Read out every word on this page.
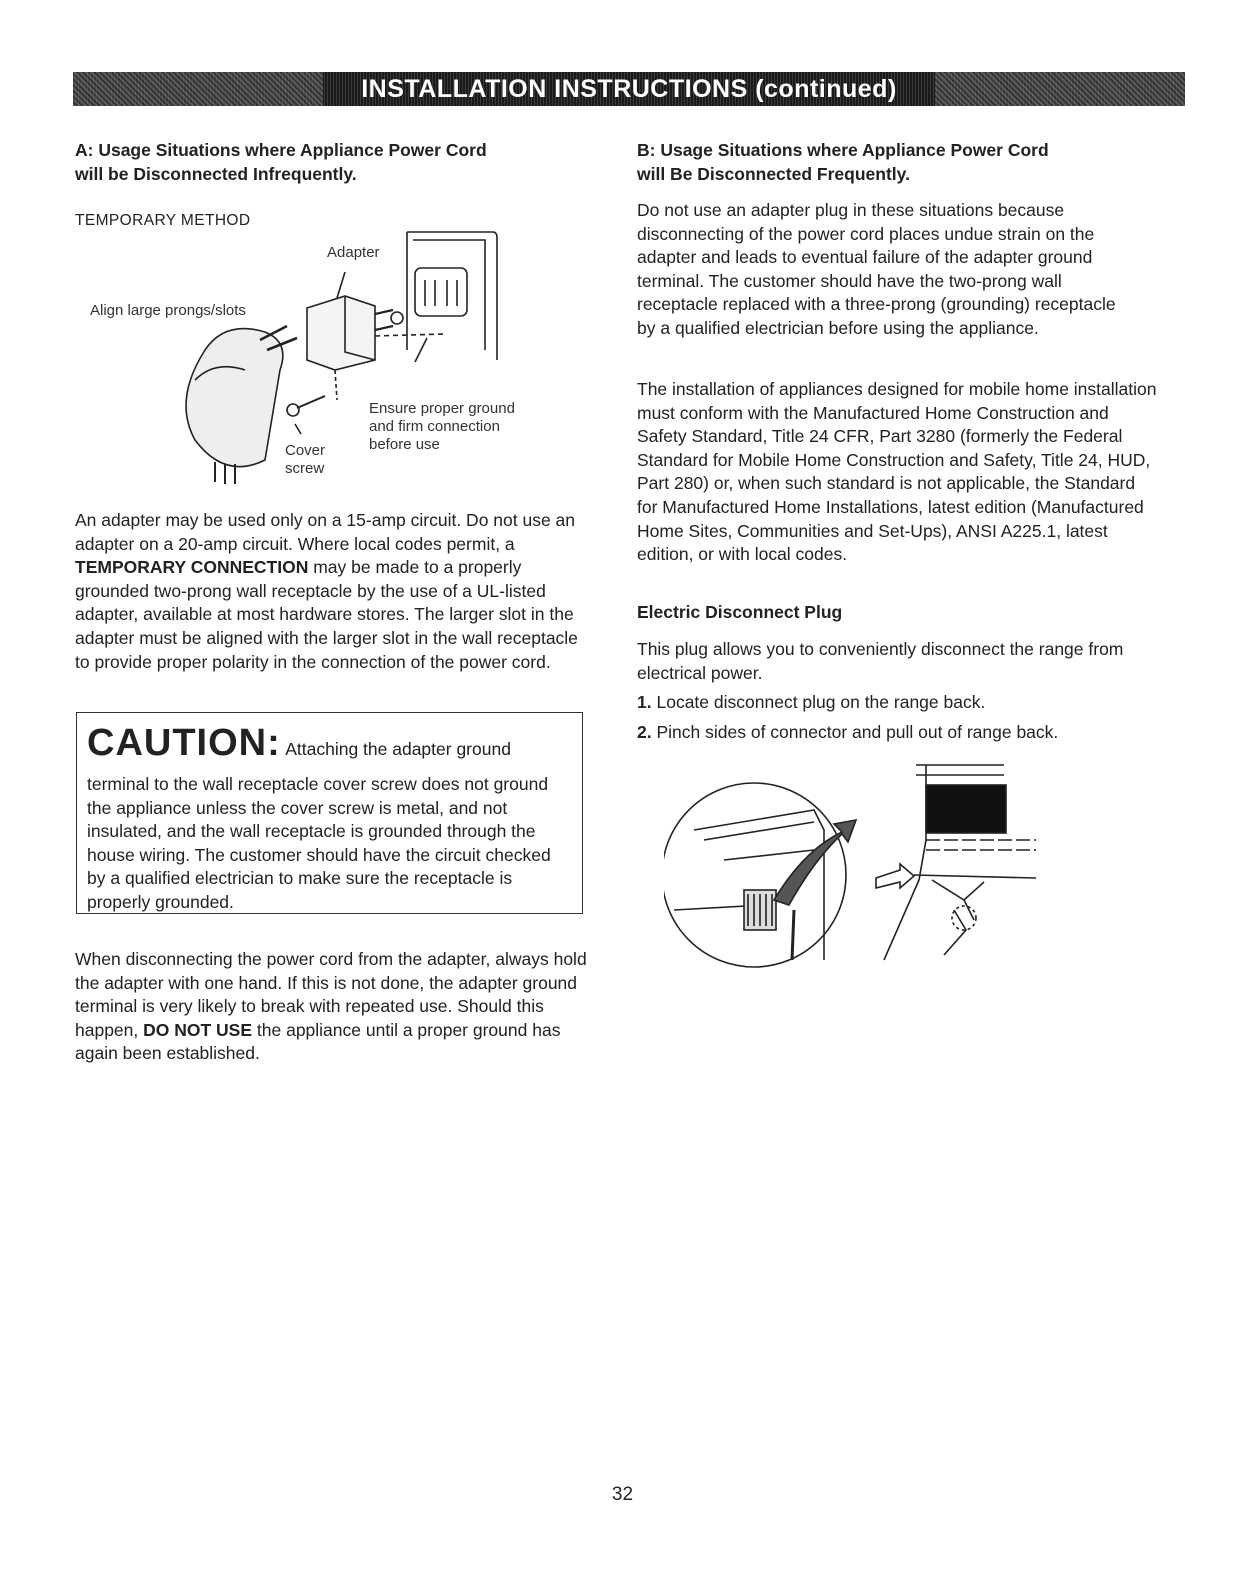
INSTALLATION INSTRUCTIONS (continued)
A: Usage Situations where Appliance Power Cord
will be Disconnected Infrequently.
TEMPORARY METHOD
Adapter
Align large prongs/slots
Ensure proper ground
and firm connection
before use
Cover
screw

An adapter may be used only on a 15-amp circuit. Do not use an adapter on a 20-amp circuit. Where local codes permit, a TEMPORARY CONNECTION may be made to a properly grounded two-prong wall receptacle by the use of a UL-listed adapter, available at most hardware stores. The larger slot in the adapter must be aligned with the larger slot in the wall receptacle to provide proper polarity in the connection of the power cord.

CAUTION: Attaching the adapter ground
terminal to the wall receptacle cover screw does not ground the appliance unless the cover screw is metal, and not insulated, and the wall receptacle is grounded through the house wiring. The customer should have the circuit checked by a qualified electrician to make sure the receptacle is properly grounded.

When disconnecting the power cord from the adapter, always hold the adapter with one hand. If this is not done, the adapter ground terminal is very likely to break with repeated use. Should this happen, DO NOT USE the appliance until a proper ground has again been established.

B: Usage Situations where Appliance Power Cord
will Be Disconnected Frequently.

Do not use an adapter plug in these situations because disconnecting of the power cord places undue strain on the adapter and leads to eventual failure of the adapter ground terminal. The customer should have the two-prong wall receptacle replaced with a three-prong (grounding) receptacle by a qualified electrician before using the appliance.

The installation of appliances designed for mobile home installation must conform with the Manufactured Home Construction and Safety Standard, Title 24 CFR, Part 3280 (formerly the Federal Standard for Mobile Home Construction and Safety, Title 24, HUD, Part 280) or, when such standard is not applicable, the Standard for Manufactured Home Installations, latest edition (Manufactured Home Sites, Communities and Set-Ups), ANSI A225.1, latest edition, or with local codes.

Electric Disconnect Plug

This plug allows you to conveniently disconnect the range from electrical power.

1. Locate disconnect plug on the range back.
2. Pinch sides of connector and pull out of range back.
32
